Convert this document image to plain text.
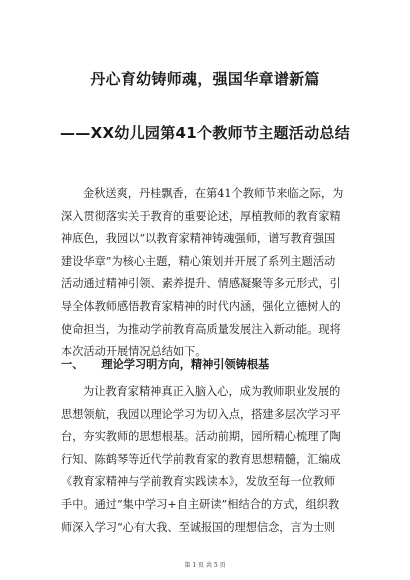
丹心育幼铸师魂，强国华章谱新篇
——XX幼儿园第41个教师节主题活动总结
金秋送爽，丹桂飘香，在第41个教师节来临之际，为
深入贯彻落实关于教育的重要论述，厚植教师的教育家精
神底色，我园以“以教育家精神铸魂强师，谱写教育强国
建设华章”为核心主题，精心策划并开展了系列主题活动
活动通过精神引领、素养提升、情感凝聚等多元形式，引
导全体教师感悟教育家精神的时代内涵，强化立德树人的
使命担当，为推动学前教育高质量发展注入新动能。现将
本次活动开展情况总结如下。
一、 理论学习明方向，精神引领铸根基
为让教育家精神真正入脑入心，成为教师职业发展的
思想领航，我园以理论学习为切入点，搭建多层次学习平
台，夯实教师的思想根基。活动前期，园所精心梳理了陶
行知、陈鹤琴等近代学前教育家的教育思想精髓，汇编成
《教育家精神与学前教育实践读本》，发放至每一位教师
手中。通过“集中学习+自主研读”相结合的方式，组织教
师深入学习“心有大我、至诚报国的理想信念，言为士则
第 1 页 共 5 页
